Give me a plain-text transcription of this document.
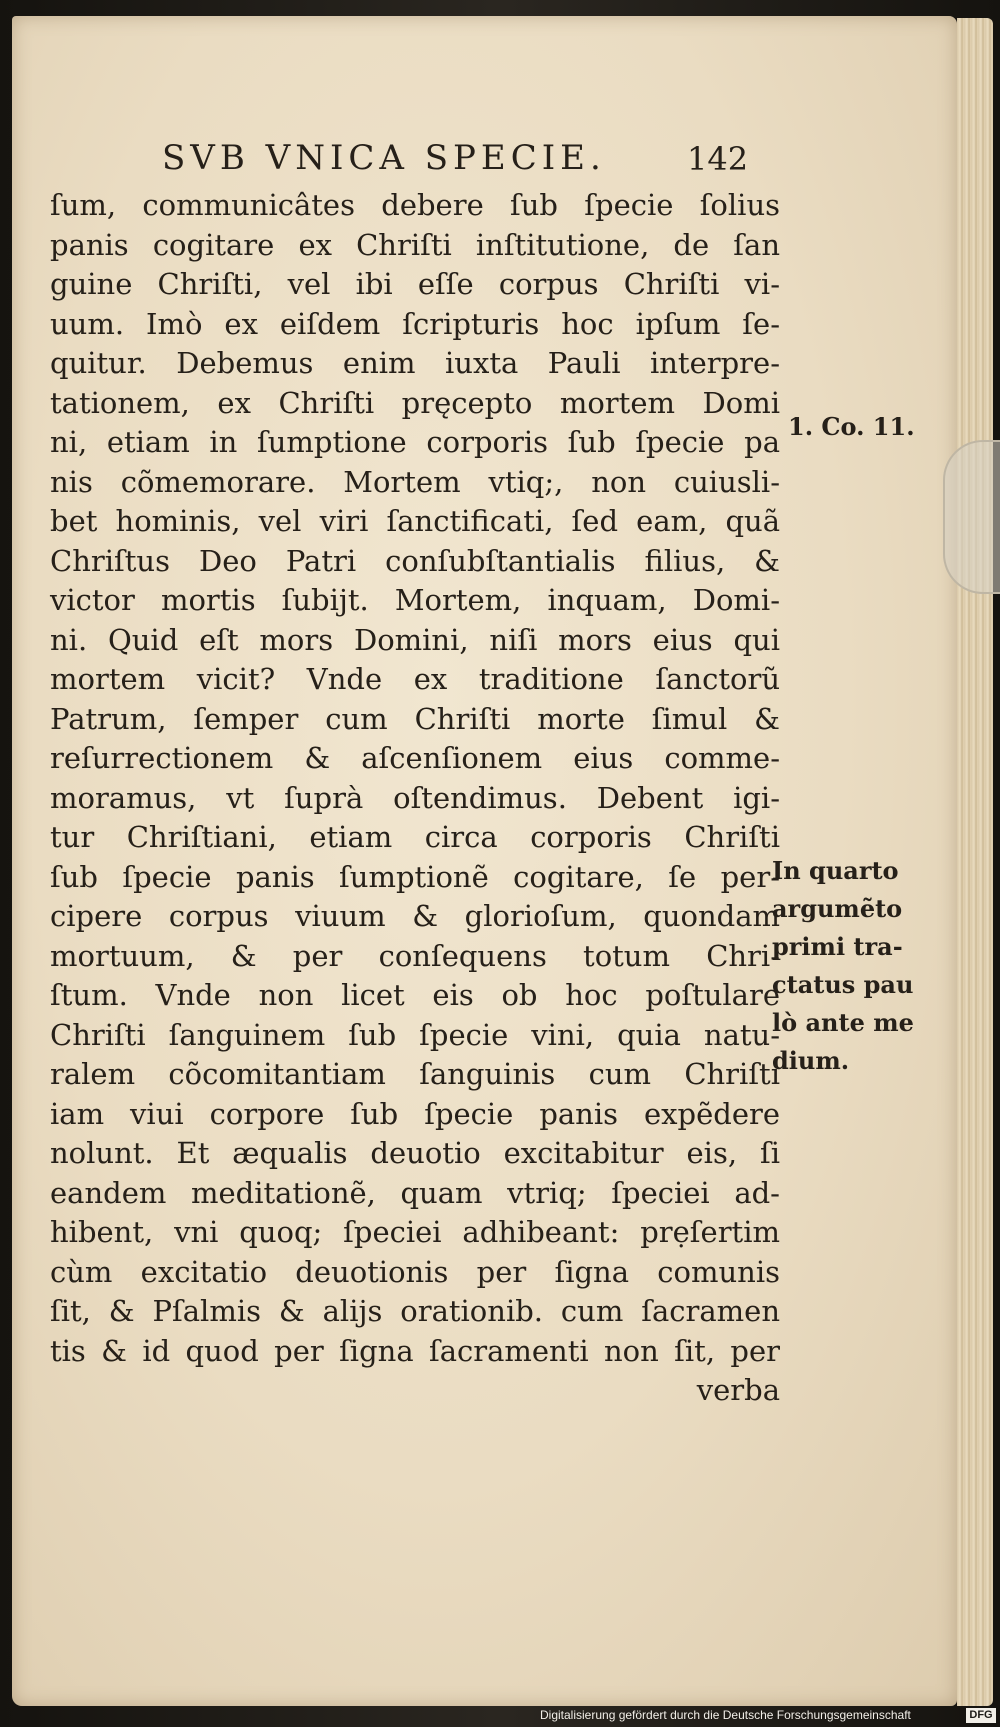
SVB VNICA SPECIE.	142
ſum, communicâtes debere ſub ſpecie ſolius
panis cogitare ex Chriſti inſtitutione, de ſan
guine Chriſti, vel ibi eſſe corpus Chriſti vi-
uum. Imò ex eiſdem ſcripturis hoc ipſum ſe-
quitur. Debemus enim iuxta Pauli interpre-
tationem, ex Chriſti pręcepto mortem Domi
ni, etiam in ſumptione corporis ſub ſpecie pa
nis cõmemorare. Mortem vtiq;, non cuiusli-
bet hominis, vel viri ſanctificati, ſed eam, quã
Chriſtus Deo Patri conſubſtantialis filius, &
victor mortis ſubijt. Mortem, inquam, Domi-
ni. Quid eſt mors Domini, niſi mors eius qui
mortem vicit? Vnde ex traditione ſanctorũ
Patrum, ſemper cum Chriſti morte ſimul &
reſurrectionem & aſcenſionem eius comme-
moramus, vt ſuprà oſtendimus. Debent igi-
tur Chriſtiani, etiam circa corporis Chriſti
ſub ſpecie panis ſumptionẽ cogitare, ſe per-
cipere corpus viuum & glorioſum, quondam
mortuum, & per conſequens totum Chri-
ſtum. Vnde non licet eis ob hoc poſtulare
Chriſti ſanguinem ſub ſpecie vini, quia natu-
ralem cõcomitantiam ſanguinis cum Chriſti
iam viui corpore ſub ſpecie panis expẽdere
nolunt. Et æqualis deuotio excitabitur eis, ſi
eandem meditationẽ, quam vtriq; ſpeciei ad-
hibent, vni quoq; ſpeciei adhibeant: prẹſertim
cùm excitatio deuotionis per ſigna comunis
ſit, & Pſalmis & alijs orationib. cum ſacramen
tis & id quod per ſigna ſacramenti non ſit, per
verba
1. Co. 11.
In quarto
argumẽto
primi tra-
ctatus pau
lò ante me
dium.
Digitalisierung gefördert durch die Deutsche Forschungsgemeinschaft	DFG
